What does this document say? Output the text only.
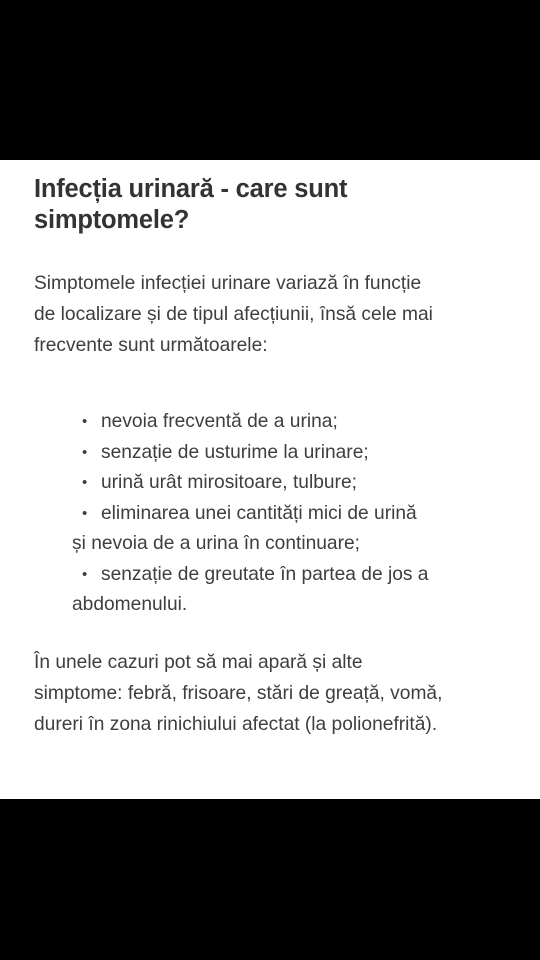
Infecția urinară - care sunt
simptomele?

Simptomele infecției urinare variază în funcție
de localizare și de tipul afecțiunii, însă cele mai
frecvente sunt următoarele:

• nevoia frecventă de a urina;
• senzație de usturime la urinare;
• urină urât mirositoare, tulbure;
• eliminarea unei cantități mici de urină
și nevoia de a urina în continuare;
• senzație de greutate în partea de jos a
abdomenului.

În unele cazuri pot să mai apară și alte
simptome: febră, frisoare, stări de greață, vomă,
dureri în zona rinichiului afectat (la polionefrită).
